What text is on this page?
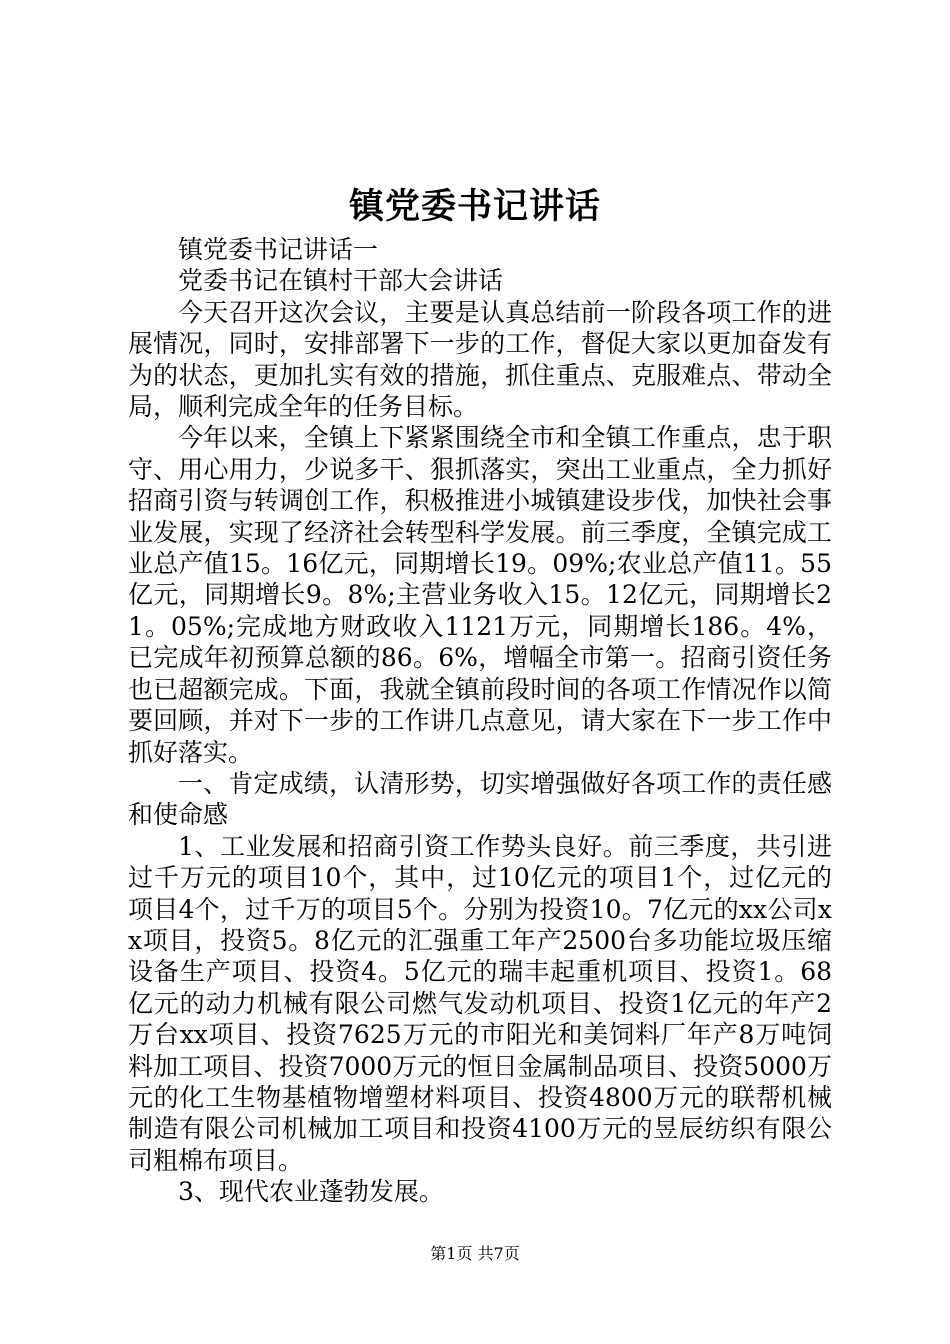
镇党委书记讲话

镇党委书记讲话一

党委书记在镇村干部大会讲话

今天召开这次会议，主要是认真总结前一阶段各项工作的进展情况，同时，安排部署下一步的工作，督促大家以更加奋发有为的状态，更加扎实有效的措施，抓住重点、克服难点、带动全局，顺利完成全年的任务目标。

今年以来，全镇上下紧紧围绕全市和全镇工作重点，忠于职守、用心用力，少说多干、狠抓落实，突出工业重点，全力抓好招商引资与转调创工作，积极推进小城镇建设步伐，加快社会事业发展，实现了经济社会转型科学发展。前三季度，全镇完成工业总产值15。16亿元，同期增长19。09%;农业总产值11。55亿元，同期增长9。8%;主营业务收入15。12亿元，同期增长21。05%;完成地方财政收入1121万元，同期增长186。4%，已完成年初预算总额的86。6%，增幅全市第一。招商引资任务也已超额完成。下面，我就全镇前段时间的各项工作情况作以简要回顾，并对下一步的工作讲几点意见，请大家在下一步工作中抓好落实。

一、肯定成绩，认清形势，切实增强做好各项工作的责任感和使命感

1、工业发展和招商引资工作势头良好。前三季度，共引进过千万元的项目10个，其中，过10亿元的项目1个，过亿元的项目4个，过千万的项目5个。分别为投资10。7亿元的xx公司xx项目，投资5。8亿元的汇强重工年产2500台多功能垃圾压缩设备生产项目、投资4。5亿元的瑞丰起重机项目、投资1。68亿元的动力机械有限公司燃气发动机项目、投资1亿元的年产2万台xx项目、投资7625万元的市阳光和美饲料厂年产8万吨饲料加工项目、投资7000万元的恒日金属制品项目、投资5000万元的化工生物基植物增塑材料项目、投资4800万元的联帮机械制造有限公司机械加工项目和投资4100万元的昱辰纺织有限公司粗棉布项目。

3、现代农业蓬勃发展。

第1页 共7页
